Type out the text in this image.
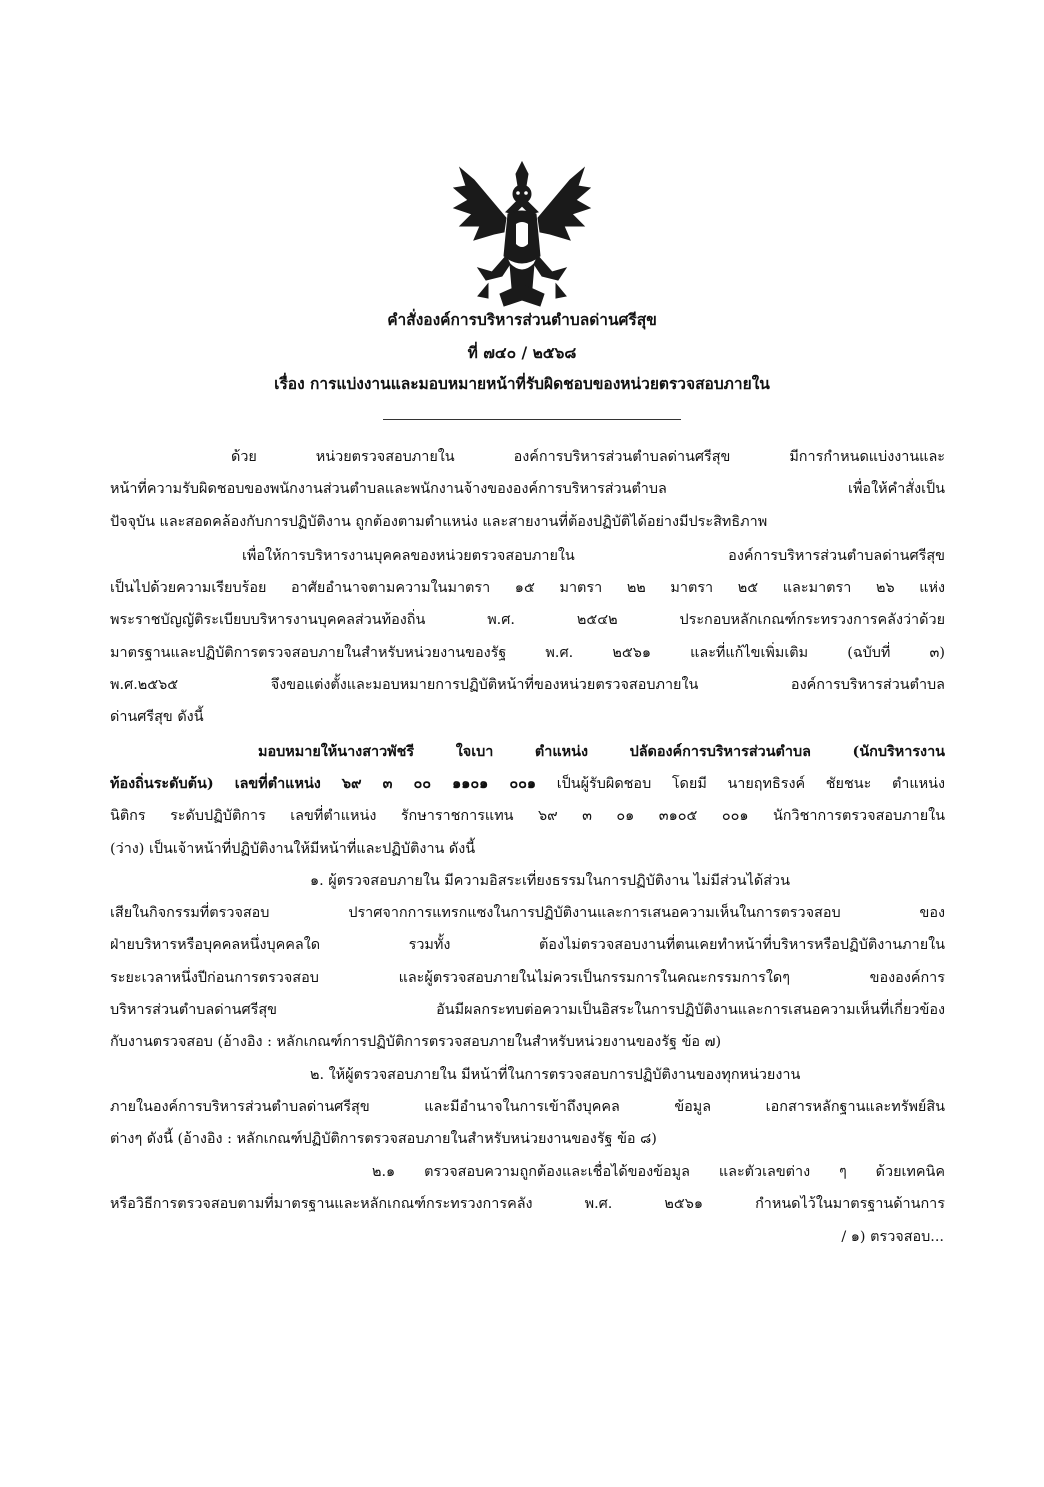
คำสั่งองค์การบริหารส่วนตำบลด่านศรีสุข
ที่ ๗๔๐ / ๒๕๖๘
เรื่อง การแบ่งงานและมอบหมายหน้าที่รับผิดชอบของหน่วยตรวจสอบภายใน
ด้วย หน่วยตรวจสอบภายใน องค์การบริหารส่วนตำบลด่านศรีสุข มีการกำหนดแบ่งงานและ
หน้าที่ความรับผิดชอบของพนักงานส่วนตำบลและพนักงานจ้างขององค์การบริหารส่วนตำบล เพื่อให้คำสั่งเป็น
ปัจจุบัน และสอดคล้องกับการปฏิบัติงาน ถูกต้องตามตำแหน่ง และสายงานที่ต้องปฏิบัติได้อย่างมีประสิทธิภาพ
เพื่อให้การบริหารงานบุคคลของหน่วยตรวจสอบภายใน องค์การบริหารส่วนตำบลด่านศรีสุข
เป็นไปด้วยความเรียบร้อย อาศัยอำนาจตามความในมาตรา ๑๕ มาตรา ๒๒ มาตรา ๒๕ และมาตรา ๒๖ แห่ง
พระราชบัญญัติระเบียบบริหารงานบุคคลส่วนท้องถิ่น พ.ศ. ๒๕๔๒ ประกอบหลักเกณฑ์กระทรวงการคลังว่าด้วย
มาตรฐานและปฏิบัติการตรวจสอบภายในสำหรับหน่วยงานของรัฐ พ.ศ. ๒๕๖๑ และที่แก้ไขเพิ่มเติม (ฉบับที่ ๓)
พ.ศ.๒๕๖๕ จึงขอแต่งตั้งและมอบหมายการปฏิบัติหน้าที่ของหน่วยตรวจสอบภายใน องค์การบริหารส่วนตำบล
ด่านศรีสุข ดังนี้
มอบหมายให้นางสาวพัชรี ใจเบา ตำแหน่ง ปลัดองค์การบริหารส่วนตำบล (นักบริหารงาน
ท้องถิ่นระดับต้น) เลขที่ตำแหน่ง ๖๙ ๓ ๐๐ ๑๑๐๑ ๐๐๑ เป็นผู้รับผิดชอบ โดยมี นายฤทธิรงค์ ชัยชนะ ตำแหน่ง
นิติกร ระดับปฏิบัติการ เลขที่ตำแหน่ง รักษาราชการแทน ๖๙ ๓ ๐๑ ๓๑๐๕ ๐๐๑ นักวิชาการตรวจสอบภายใน
(ว่าง) เป็นเจ้าหน้าที่ปฏิบัติงานให้มีหน้าที่และปฏิบัติงาน ดังนี้
๑. ผู้ตรวจสอบภายใน มีความอิสระเที่ยงธรรมในการปฏิบัติงาน ไม่มีส่วนได้ส่วน
เสียในกิจกรรมที่ตรวจสอบ ปราศจากการแทรกแซงในการปฏิบัติงานและการเสนอความเห็นในการตรวจสอบ ของ
ฝ่ายบริหารหรือบุคคลหนึ่งบุคคลใด รวมทั้ง ต้องไม่ตรวจสอบงานที่ตนเคยทำหน้าที่บริหารหรือปฏิบัติงานภายใน
ระยะเวลาหนึ่งปีก่อนการตรวจสอบ และผู้ตรวจสอบภายในไม่ควรเป็นกรรมการในคณะกรรมการใดๆ ขององค์การ
บริหารส่วนตำบลด่านศรีสุข อันมีผลกระทบต่อความเป็นอิสระในการปฏิบัติงานและการเสนอความเห็นที่เกี่ยวข้อง
กับงานตรวจสอบ (อ้างอิง : หลักเกณฑ์การปฏิบัติการตรวจสอบภายในสำหรับหน่วยงานของรัฐ ข้อ ๗)
๒. ให้ผู้ตรวจสอบภายใน มีหน้าที่ในการตรวจสอบการปฏิบัติงานของทุกหน่วยงาน
ภายในองค์การบริหารส่วนตำบลด่านศรีสุข และมีอำนาจในการเข้าถึงบุคคล ข้อมูล เอกสารหลักฐานและทรัพย์สิน
ต่างๆ ดังนี้ (อ้างอิง : หลักเกณฑ์ปฏิบัติการตรวจสอบภายในสำหรับหน่วยงานของรัฐ ข้อ ๘)
๒.๑ ตรวจสอบความถูกต้องและเชื่อได้ของข้อมูล และตัวเลขต่าง ๆ ด้วยเทคนิค
หรือวิธีการตรวจสอบตามที่มาตรฐานและหลักเกณฑ์กระทรวงการคลัง พ.ศ. ๒๕๖๑ กำหนดไว้ในมาตรฐานด้านการ
/ ๑) ตรวจสอบ...
